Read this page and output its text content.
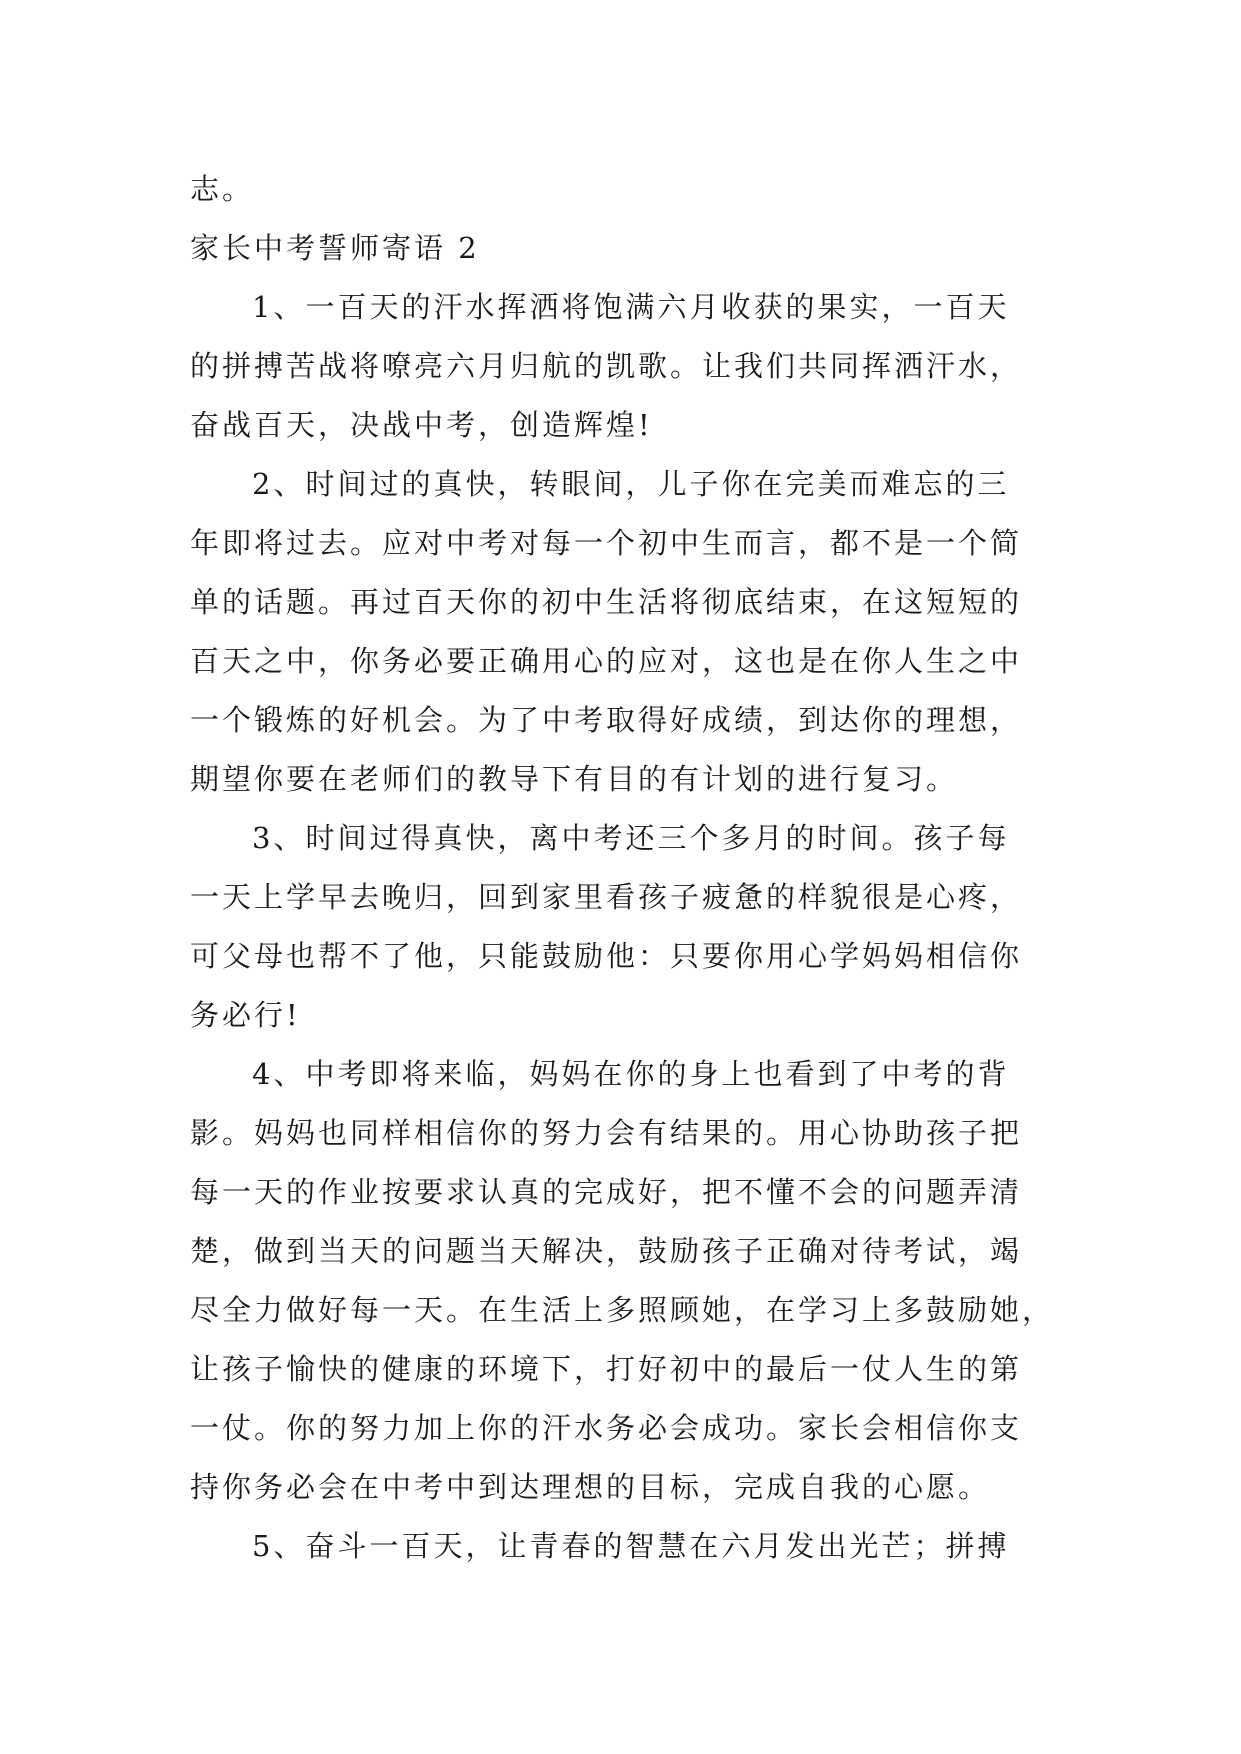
志。
家长中考誓师寄语 2
1、一百天的汗水挥洒将饱满六月收获的果实，一百天
的拼搏苦战将嘹亮六月归航的凯歌。让我们共同挥洒汗水，
奋战百天，决战中考，创造辉煌!
2、时间过的真快，转眼间，儿子你在完美而难忘的三
年即将过去。应对中考对每一个初中生而言，都不是一个简
单的话题。再过百天你的初中生活将彻底结束，在这短短的
百天之中，你务必要正确用心的应对，这也是在你人生之中
一个锻炼的好机会。为了中考取得好成绩，到达你的理想，
期望你要在老师们的教导下有目的有计划的进行复习。
3、时间过得真快，离中考还三个多月的时间。孩子每
一天上学早去晚归，回到家里看孩子疲惫的样貌很是心疼，
可父母也帮不了他，只能鼓励他：只要你用心学妈妈相信你
务必行!
4、中考即将来临，妈妈在你的身上也看到了中考的背
影。妈妈也同样相信你的努力会有结果的。用心协助孩子把
每一天的作业按要求认真的完成好，把不懂不会的问题弄清
楚，做到当天的问题当天解决，鼓励孩子正确对待考试，竭
尽全力做好每一天。在生活上多照顾她，在学习上多鼓励她，
让孩子愉快的健康的环境下，打好初中的最后一仗人生的第
一仗。你的努力加上你的汗水务必会成功。家长会相信你支
持你务必会在中考中到达理想的目标，完成自我的心愿。
5、奋斗一百天，让青春的智慧在六月发出光芒；拼搏
